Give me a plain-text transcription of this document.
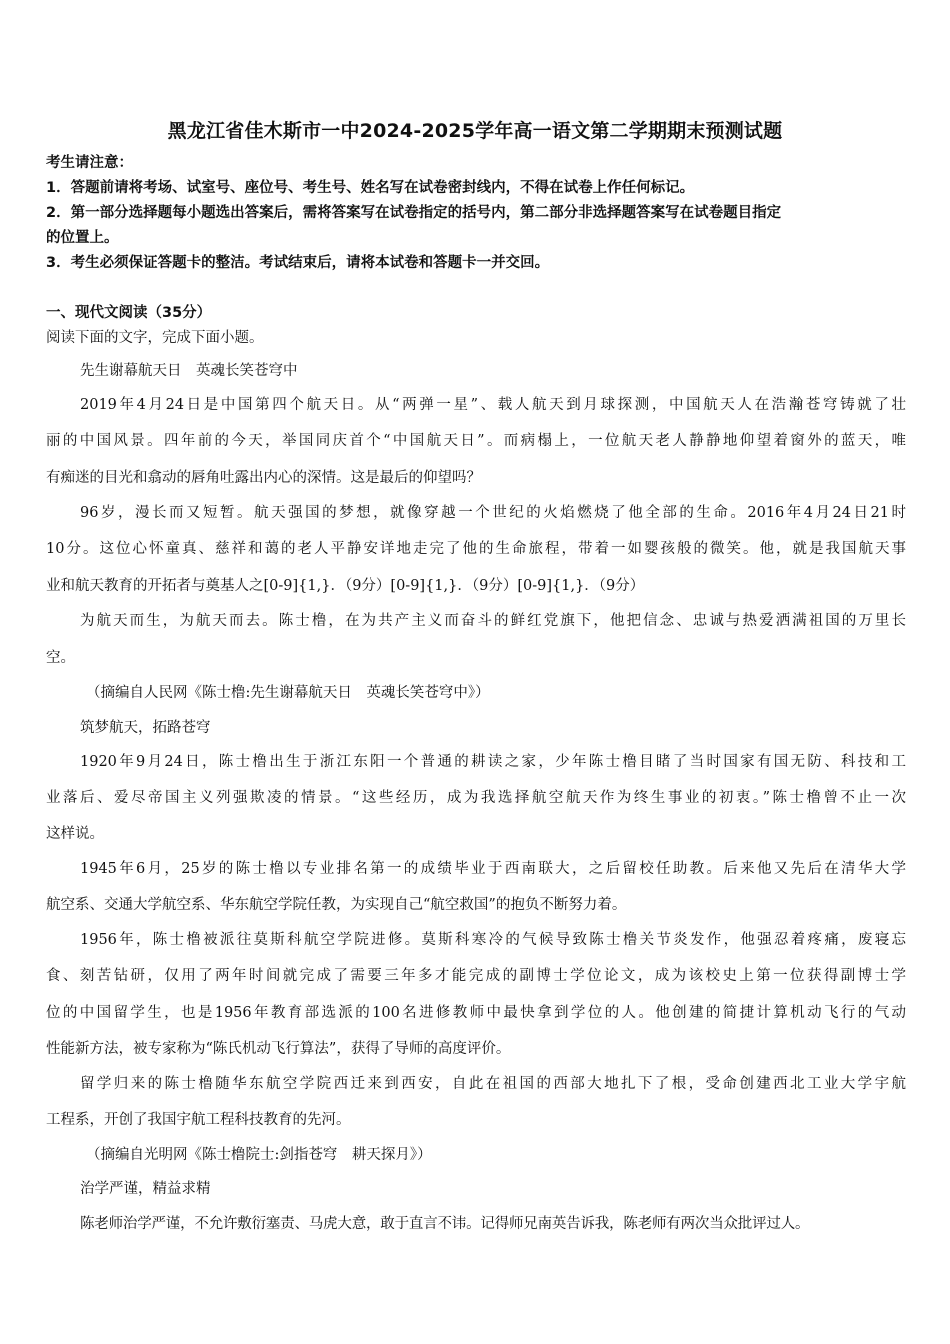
黑龙江省佳木斯市一中2024-2025学年高一语文第二学期期末预测试题
考生请注意：
1．答题前请将考场、试室号、座位号、考生号、姓名写在试卷密封线内，不得在试卷上作任何标记。
2．第一部分选择题每小题选出答案后，需将答案写在试卷指定的括号内，第二部分非选择题答案写在试卷题目指定
的位置上。
3．考生必须保证答题卡的整洁。考试结束后，请将本试卷和答题卡一并交回。
一、现代文阅读（35分）
阅读下面的文字，完成下面小题。
先生谢幕航天日　英魂长笑苍穹中
2019年4月24日是中国第四个航天日。从“两弹一星”、载人航天到月球探测，中国航天人在浩瀚苍穹铸就了壮
丽的中国风景。四年前的今天，举国同庆首个“中国航天日”。而病榻上，一位航天老人静静地仰望着窗外的蓝天，唯
有痴迷的目光和翕动的唇角吐露出内心的深情。这是最后的仰望吗？
96岁，漫长而又短暂。航天强国的梦想，就像穿越一个世纪的火焰燃烧了他全部的生命。2016年4月24日21时
10分。这位心怀童真、慈祥和蔼的老人平静安详地走完了他的生命旅程，带着一如婴孩般的微笑。他，就是我国航天事
业和航天教育的开拓者与奠基人之[0-9]{1,}．（9分）[0-9]{1,}．（9分）[0-9]{1,}．（9分）
为航天而生，为航天而去。陈士橹，在为共产主义而奋斗的鲜红党旗下，他把信念、忠诚与热爱洒满祖国的万里长
空。
（摘编自人民网《陈士橹:先生谢幕航天日　英魂长笑苍穹中》）
筑梦航天，拓路苍穹
1920年9月24日，陈士橹出生于浙江东阳一个普通的耕读之家，少年陈士橹目睹了当时国家有国无防、科技和工
业落后、爱尽帝国主义列强欺凌的情景。“这些经历，成为我选择航空航天作为终生事业的初衷。”陈士橹曾不止一次
这样说。
1945年6月，25岁的陈士橹以专业排名第一的成绩毕业于西南联大，之后留校任助教。后来他又先后在清华大学
航空系、交通大学航空系、华东航空学院任教，为实现自己“航空救国”的抱负不断努力着。
1956年，陈士橹被派往莫斯科航空学院进修。莫斯科寒冷的气候导致陈士橹关节炎发作，他强忍着疼痛，废寝忘
食、刻苦钻研，仅用了两年时间就完成了需要三年多才能完成的副博士学位论文，成为该校史上第一位获得副博士学
位的中国留学生，也是1956年教育部选派的100名进修教师中最快拿到学位的人。他创建的简捷计算机动飞行的气动
性能新方法，被专家称为“陈氏机动飞行算法”，获得了导师的高度评价。
留学归来的陈士橹随华东航空学院西迁来到西安，自此在祖国的西部大地扎下了根，受命创建西北工业大学宇航
工程系，开创了我国宇航工程科技教育的先河。
（摘编自光明网《陈士橹院士:剑指苍穹　耕天探月》）
治学严谨，精益求精
陈老师治学严谨，不允许敷衍塞责、马虎大意，敢于直言不讳。记得师兄南英告诉我，陈老师有两次当众批评过人。
